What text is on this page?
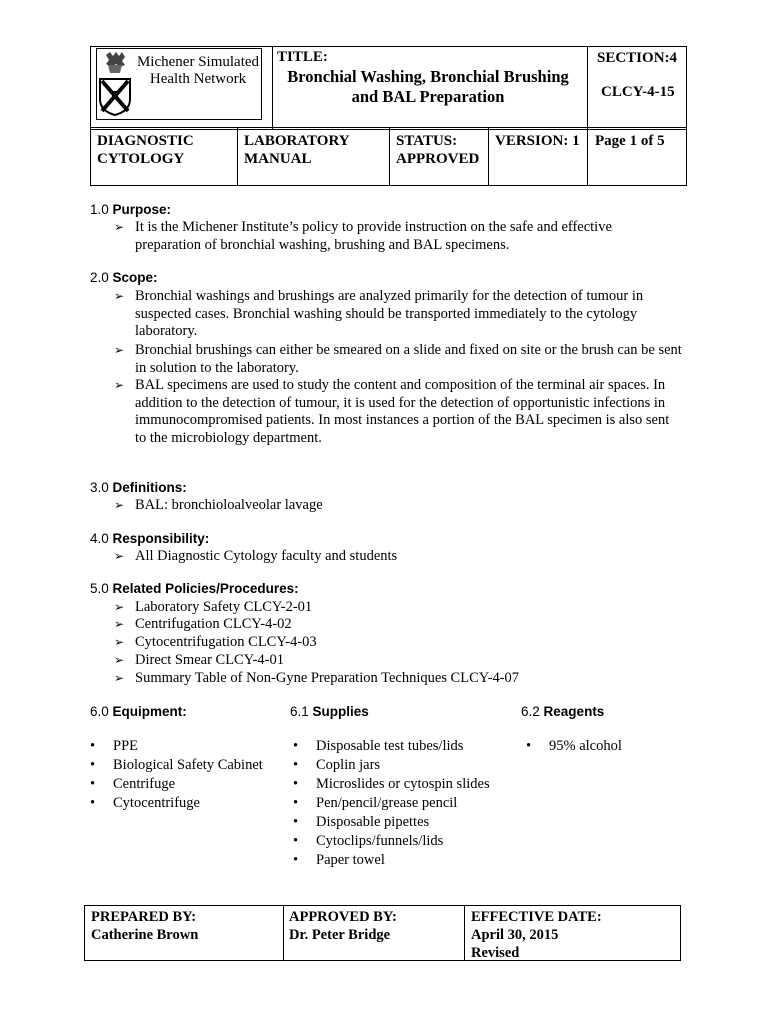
TITLE:
Bronchial Washing, Bronchial Brushing and BAL Preparation
SECTION:4
CLCY-4-15
Michener Simulated Health Network
DIAGNOSTIC CYTOLOGY
LABORATORY MANUAL
STATUS:
APPROVED
VERSION: 1 Page 1 of 5
1.0 Purpose:
➢ It is the Michener Institute’s policy to provide instruction on the safe and effective preparation of bronchial washing, brushing and BAL specimens.
2.0 Scope:
➢ Bronchial washings and brushings are analyzed primarily for the detection of tumour in suspected cases. Bronchial washing should be transported immediately to the cytology laboratory.
➢ Bronchial brushings can either be smeared on a slide and fixed on site or the brush can be sent in solution to the laboratory.
➢ BAL specimens are used to study the content and composition of the terminal air spaces. In addition to the detection of tumour, it is used for the detection of opportunistic infections in immunocompromised patients. In most instances a portion of the BAL specimen is also sent to the microbiology department.
3.0 Definitions:
➢ BAL: bronchioloalveolar lavage
4.0 Responsibility:
➢ All Diagnostic Cytology faculty and students
5.0 Related Policies/Procedures:
➢ Laboratory Safety CLCY-2-01
➢ Centrifugation CLCY-4-02
➢ Cytocentrifugation CLCY-4-03
➢ Direct Smear CLCY-4-01
➢ Summary Table of Non-Gyne Preparation Techniques CLCY-4-07
6.0 Equipment:	6.1 Supplies	6.2 Reagents
• PPE
• Biological Safety Cabinet
• Centrifuge
• Cytocentrifuge
• Disposable test tubes/lids
• Coplin jars
• Microslides or cytospin slides
• Pen/pencil/grease pencil
• Disposable pipettes
• Cytoclips/funnels/lids
• Paper towel
• 95% alcohol
PREPARED BY:
Catherine Brown
APPROVED BY:
Dr. Peter Bridge
EFFECTIVE DATE:
April 30, 2015
Revised
